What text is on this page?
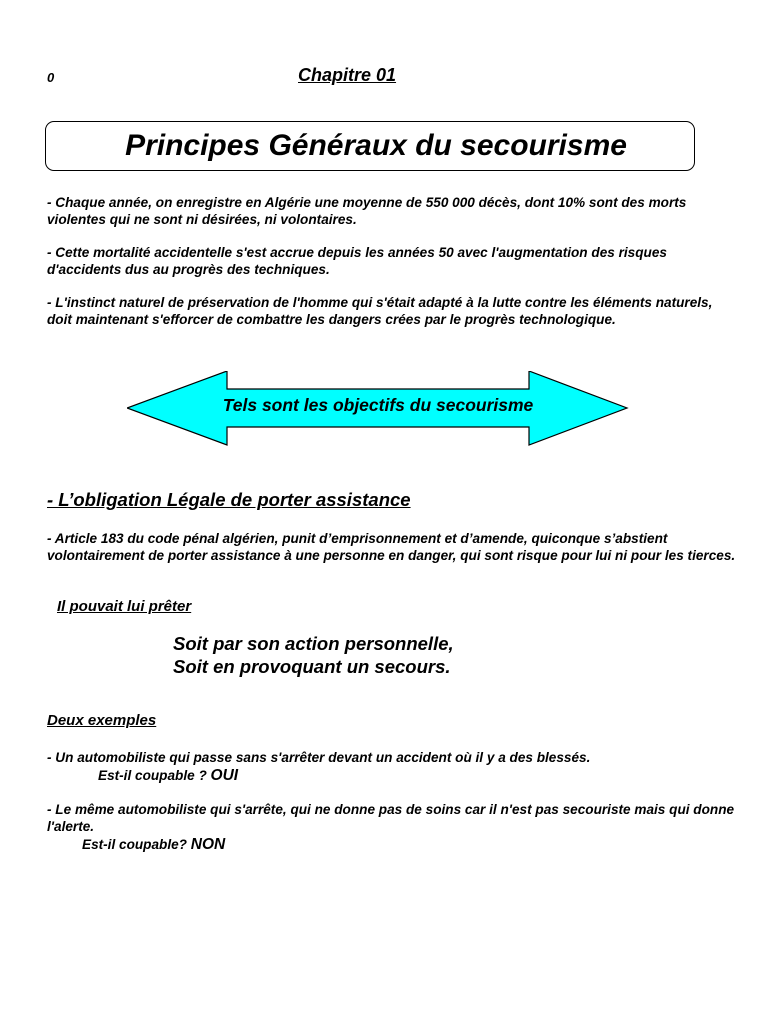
0	Chapitre 01
Principes Généraux du secourisme
- Chaque année, on enregistre en Algérie une moyenne de 550 000 décès, dont 10% sont des morts violentes qui ne sont ni désirées, ni volontaires.
- Cette mortalité accidentelle s'est accrue depuis les années 50 avec l'augmentation des risques d'accidents dus au progrès des techniques.
- L'instinct naturel de préservation de l'homme qui s'était adapté à la lutte contre les éléments naturels, doit maintenant s'efforcer de combattre les dangers crées par le progrès technologique.
Tels sont les objectifs du secourisme
- L’obligation Légale de porter assistance
- Article 183 du code pénal algérien, punit d’emprisonnement et d’amende, quiconque s’abstient volontairement de porter assistance à une personne en danger, qui sont risque pour lui ni pour les tierces.
Il pouvait lui prêter
Soit par son action personnelle,
Soit en provoquant un secours.
Deux exemples
- Un automobiliste qui passe sans s'arrêter devant un accident où il y a des blessés.
Est-il coupable ? OUI
- Le même automobiliste qui s'arrête, qui ne donne pas de soins car il n'est pas secouriste mais qui donne l'alerte.
Est-il coupable? NON
